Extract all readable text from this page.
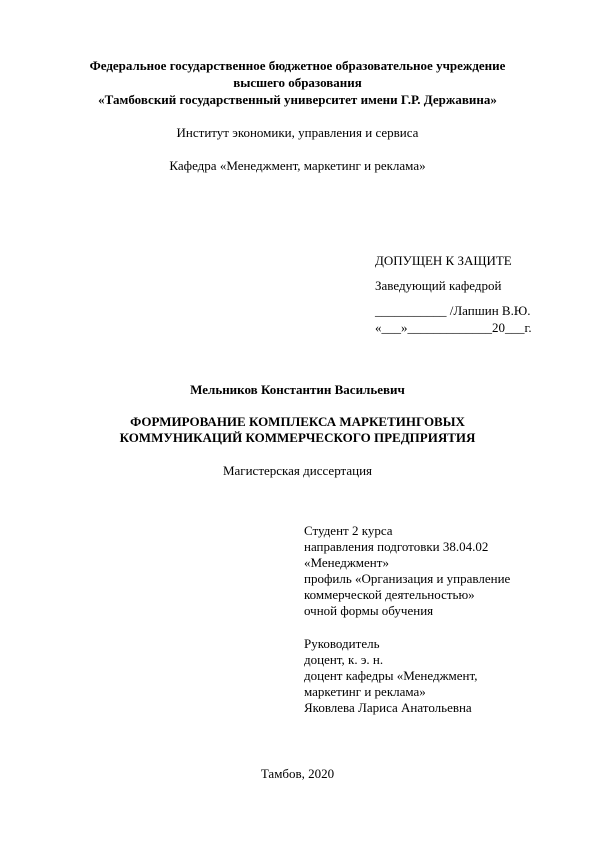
Федеральное государственное бюджетное образовательное учреждение
высшего образования
«Тамбовский государственный университет имени Г.Р. Державина»
Институт экономики, управления и сервиса
Кафедра «Менеджмент, маркетинг и реклама»
ДОПУЩЕН К ЗАЩИТЕ
Заведующий кафедрой
___________ /Лапшин В.Ю.
«___»_____________20___г.
Мельников Константин Васильевич
ФОРМИРОВАНИЕ КОМПЛЕКСА МАРКЕТИНГОВЫХ
КОММУНИКАЦИЙ КОММЕРЧЕСКОГО ПРЕДПРИЯТИЯ
Магистерская диссертация
Студент 2 курса
направления подготовки 38.04.02
«Менеджмент»
профиль «Организация и управление
коммерческой деятельностью»
очной формы обучения
Руководитель
доцент, к. э. н.
доцент кафедры «Менеджмент,
маркетинг и реклама»
Яковлева Лариса Анатольевна
Тамбов, 2020
